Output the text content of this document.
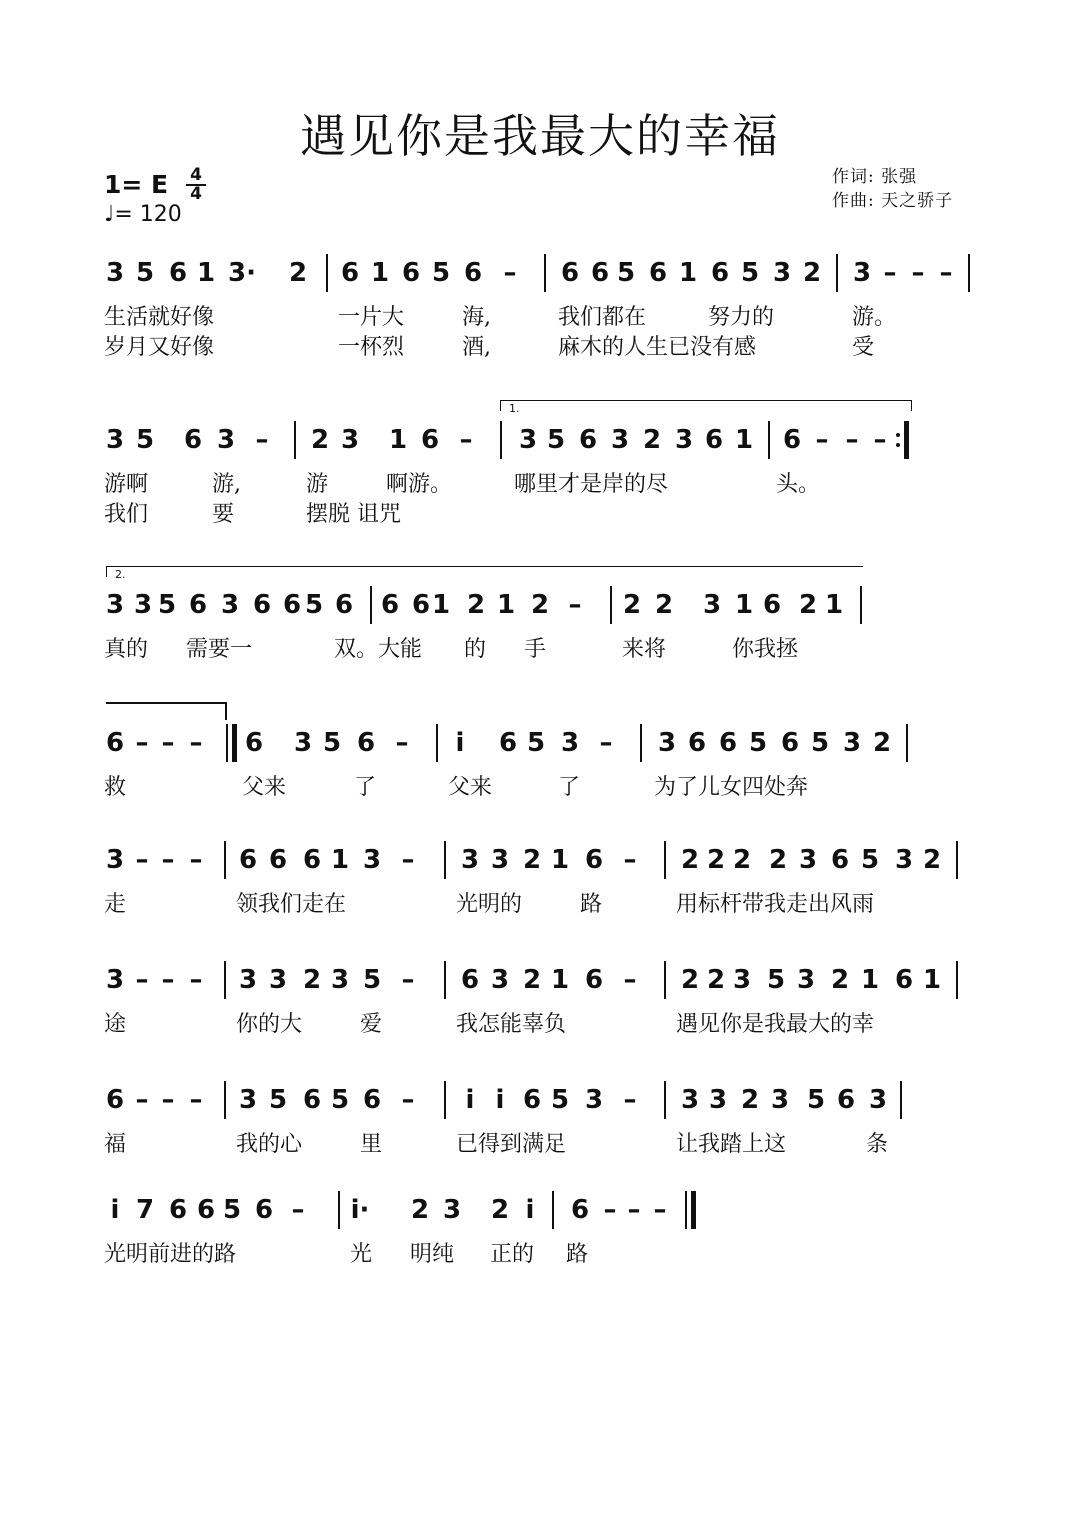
遇见你是我最大的幸福
作词: 张强
作曲: 天之骄子
1= E 4
4
♩= 120
3 5 6 1 3· 2 6 1 6 5 6 – 6 6 5 6 1 6 5 3 2 3 – – –
生活就好像	一片大	海,	我们都在	努力的	游。
岁月又好像	一杯烈	酒,	麻木的人生已没有感	受
3 5 6 3 – 2 3 1 6 – 3 5 6 3 2 3 6 1 6 – – –
游啊	游,	游	啊游。	哪里才是岸的尽	头。
我们	要	摆脱 诅咒
3 3 5 6 3 6 6 5 6 6 6 1 2 1 2 – 2 2 3 1 6 2 1
真的 需要一	双。大能 的 手	来将	你我拯
6 – – – 6 3 5 6 – i 6 5 3 – 3 6 6 5 6 5 3 2
救	父来	了	父来	了	为了儿女四处奔
3 – – – 6 6 6 1 3 – 3 3 2 1 6 – 2 2 2 2 3 6 5 3 2
走	领我们走在	光明的	路	用标杆带我走出风雨
3 – – – 3 3 2 3 5 – 6 3 2 1 6 – 2 2 3 5 3 2 1 6 1
途	你的大	爱	我怎能辜负	遇见你是我最大的幸
6 – – – 3 5 6 5 6 – i i 6 5 3 – 3 3 2 3 5 6 3
福	我的心	里	已得到满足	让我踏上这	条
i 7 6 6 5 6 – i· 2 3 2 i 6 – – –
光明前进的路	光 明纯 正的 路
1.
2.
